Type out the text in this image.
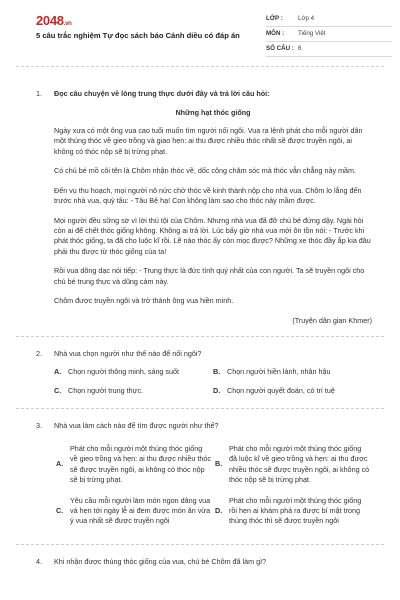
2048.vn
5 câu trắc nghiệm Tự đọc sách báo Cánh diều có đáp án
LỚP :	Lớp 4
MÔN :	Tiếng Việt
SỐ CÂU : 6
1. Đọc câu chuyện về lòng trung thực dưới đây và trả lời câu hỏi:
Những hạt thóc giống
Ngày xưa có một ông vua cao tuổi muốn tìm người nối ngôi. Vua ra lệnh phát cho mỗi người dân một thúng thóc về gieo trồng và giao hẹn: ai thu được nhiều thóc nhất sẽ được truyền ngôi, ai không có thóc nộp sẽ bị trừng phạt.
Có chú bé mồ côi tên là Chôm nhận thóc về, dốc công chăm sóc mà thóc vẫn chẳng nảy mầm.
Đến vụ thu hoạch, mọi người nô nức chở thóc về kinh thành nộp cho nhà vua. Chôm lo lắng đến trước nhà vua, quỳ tâu: - Tâu Bệ hạ! Con không làm sao cho thóc nảy mầm được.
Mọi người đều sững sờ vì lời thú tội của Chôm. Nhưng nhà vua đã đỡ chú bé đứng dậy. Ngài hỏi còn ai để chết thóc giống không. Không ai trả lời. Lúc bấy giờ nhà vua mới ôn tồn nói: - Trước khi phát thóc giống, ta đã cho luộc kĩ rồi. Lẽ nào thóc ấy còn mọc được? Những xe thóc đầy ắp kia đâu phải thu được từ thóc giống của ta!
Rồi vua dõng dạc nói tiếp: - Trung thực là đức tính quý nhất của con người. Ta sẽ truyền ngôi cho chú bé trung thực và dũng cảm này.
Chôm được truyền ngôi và trở thành ông vua hiền minh.
(Truyện dân gian Khmer)
2. Nhà vua chọn người như thế nào để nối ngôi?
A. Chọn người thông minh, sáng suốt	B. Chọn người hiền lành, nhân hậu
C. Chọn người trung thực.	D. Chọn người quyết đoán, có trí tuệ
3. Nhà vua làm cách nào để tìm được người như thế?
A.
Phát cho mỗi người một thúng thóc giống về gieo trồng và hẹn: ai thu được nhiều thóc sẽ được truyền ngôi, ai không có thóc nộp sẽ bị trừng phạt.
B.
Phát cho mỗi người một thúng thóc giống đã luộc kĩ về gieo trồng và hẹn: ai thu được nhiều thóc sẽ được truyền ngôi, ai không có thóc nộp sẽ bị trừng phạt.
C.
Yêu cầu mỗi người làm món ngon dâng vua và hẹn tới ngày lễ ai đem được món ăn vừa ý vua nhất sẽ được truyền ngôi
D.
Phát cho mỗi người một thúng thóc giống rồi hẹn ai khám phá ra được bí mật trong thúng thóc thì sẽ được truyền ngôi
4. Khi nhận được thúng thóc giống của vua, chú bé Chôm đã làm gì?
